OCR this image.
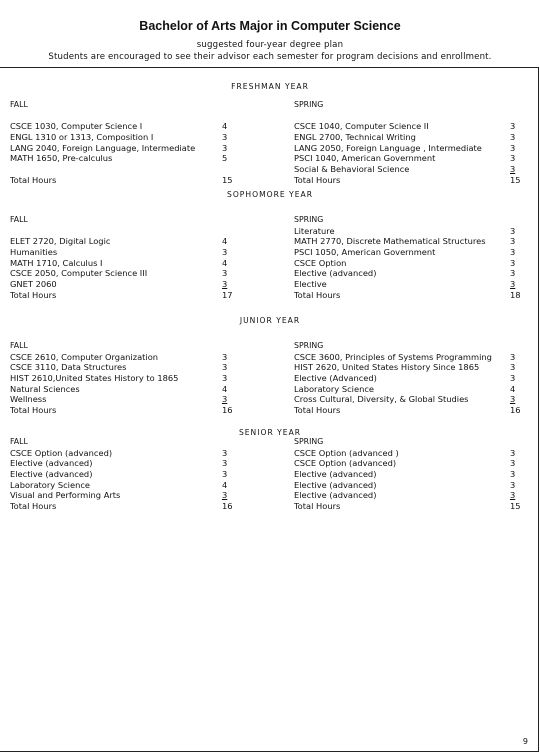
Bachelor of Arts Major in Computer Science
suggested four-year degree plan
Students are encouraged to see their advisor each semester for program decisions and enrollment.
FRESHMAN YEAR
FALL
CSCE 1030, Computer Science I
ENGL 1310 or 1313, Composition I
LANG 2040, Foreign Language, Intermediate
MATH 1650, Pre-calculus
Total Hours
4
3
3
5
15
SPRING
CSCE 1040, Computer Science II
ENGL 2700, Technical Writing
LANG 2050, Foreign Language , Intermediate
PSCI 1040, American Government
Social & Behavioral Science
Total Hours
3
3
3
3
3
15
SOPHOMORE YEAR
FALL
ELET 2720, Digital Logic
Humanities
MATH 1710, Calculus I
CSCE 2050, Computer Science III
GNET 2060
Total Hours
4
3
4
3
3
17
SPRING
Literature
MATH 2770, Discrete Mathematical Structures
PSCI 1050, American Government
CSCE Option
Elective (advanced)
Elective
Total Hours
3
3
3
3
3
3
18
JUNIOR YEAR
FALL
CSCE 2610, Computer Organization
CSCE 3110, Data Structures
HIST 2610,United States History to 1865
Natural Sciences
Wellness
Total Hours
3
3
3
4
3
16
SPRING
CSCE 3600, Principles of Systems Programming
HIST 2620, United States History Since 1865
Elective (Advanced)
Laboratory Science
Cross Cultural, Diversity, & Global Studies
Total Hours
3
3
3
4
3
16
SENIOR YEAR
FALL
CSCE Option (advanced)
Elective (advanced)
Elective (advanced)
Laboratory Science
Visual and Performing Arts
Total Hours
3
3
3
4
3
16
SPRING
CSCE Option (advanced )
CSCE Option (advanced)
Elective (advanced)
Elective (advanced)
Elective (advanced)
Total Hours
3
3
3
3
3
15
9
